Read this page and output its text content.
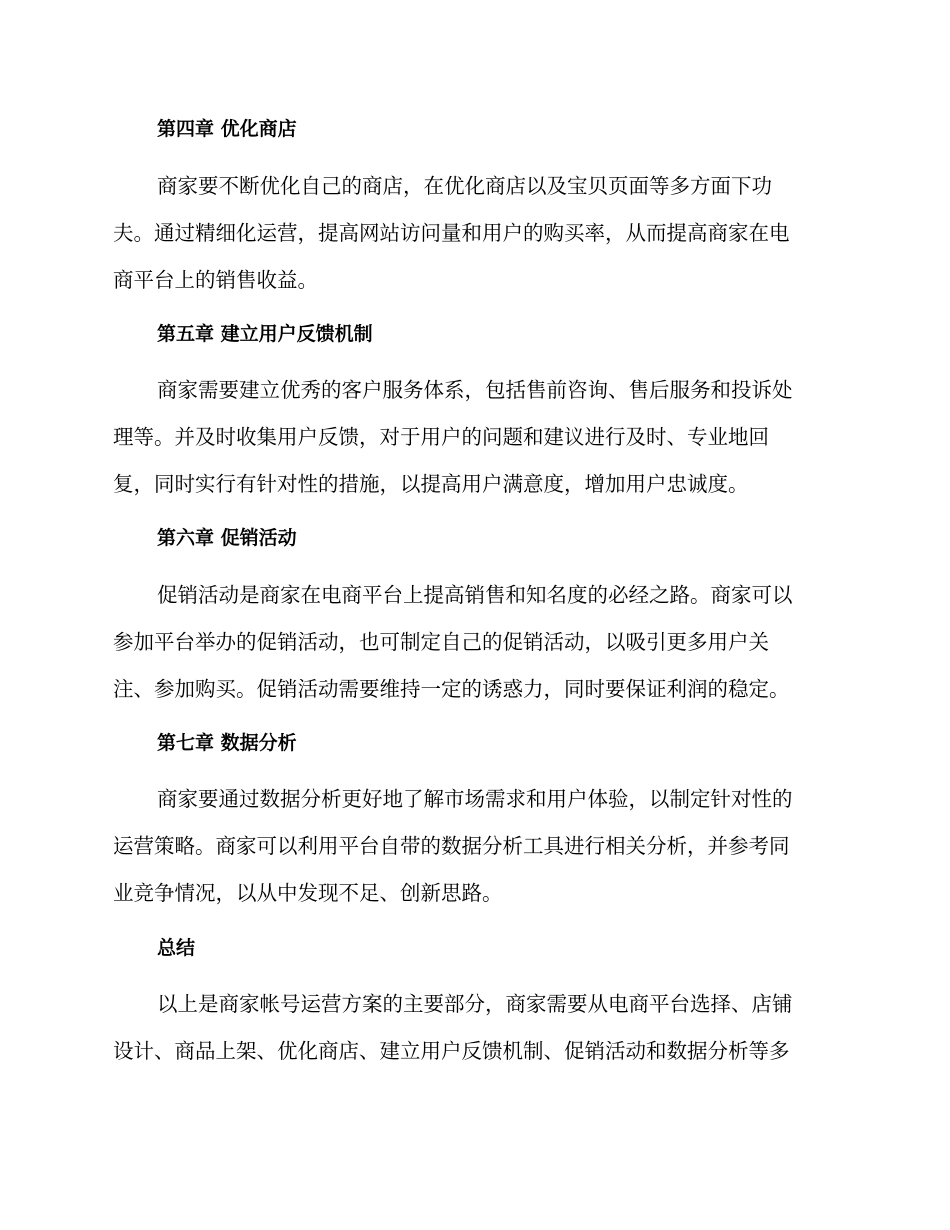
第四章 优化商店
商家要不断优化自己的商店，在优化商店以及宝贝页面等多方面下功
夫。通过精细化运营，提高网站访问量和用户的购买率，从而提高商家在电
商平台上的销售收益。
第五章 建立用户反馈机制
商家需要建立优秀的客户服务体系，包括售前咨询、售后服务和投诉处
理等。并及时收集用户反馈，对于用户的问题和建议进行及时、专业地回
复，同时实行有针对性的措施，以提高用户满意度，增加用户忠诚度。
第六章 促销活动
促销活动是商家在电商平台上提高销售和知名度的必经之路。商家可以
参加平台举办的促销活动，也可制定自己的促销活动，以吸引更多用户关
注、参加购买。促销活动需要维持一定的诱惑力，同时要保证利润的稳定。
第七章 数据分析
商家要通过数据分析更好地了解市场需求和用户体验，以制定针对性的
运营策略。商家可以利用平台自带的数据分析工具进行相关分析，并参考同
业竞争情况，以从中发现不足、创新思路。
总结
以上是商家帐号运营方案的主要部分，商家需要从电商平台选择、店铺
设计、商品上架、优化商店、建立用户反馈机制、促销活动和数据分析等多
